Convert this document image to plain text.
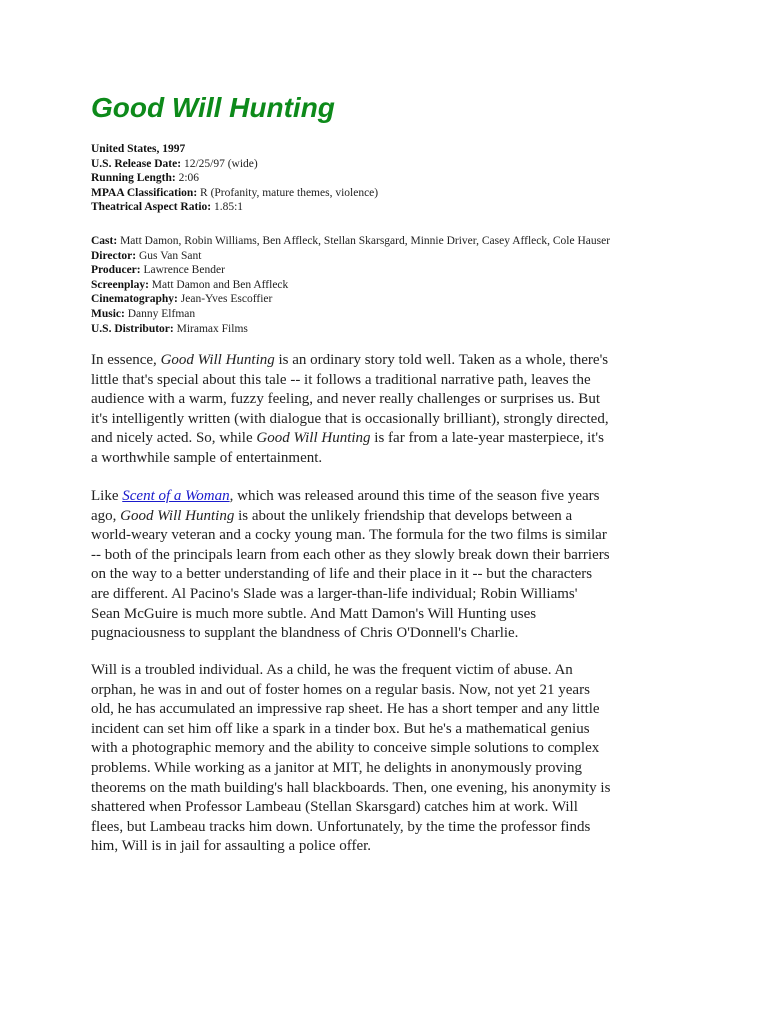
Good Will Hunting
United States, 1997
U.S. Release Date: 12/25/97 (wide)
Running Length: 2:06
MPAA Classification: R (Profanity, mature themes, violence)
Theatrical Aspect Ratio: 1.85:1
Cast: Matt Damon, Robin Williams, Ben Affleck, Stellan Skarsgard, Minnie Driver, Casey Affleck, Cole Hauser
Director: Gus Van Sant
Producer: Lawrence Bender
Screenplay: Matt Damon and Ben Affleck
Cinematography: Jean-Yves Escoffier
Music: Danny Elfman
U.S. Distributor: Miramax Films
In essence, Good Will Hunting is an ordinary story told well. Taken as a whole, there's
little that's special about this tale -- it follows a traditional narrative path, leaves the
audience with a warm, fuzzy feeling, and never really challenges or surprises us. But
it's intelligently written (with dialogue that is occasionally brilliant), strongly directed,
and nicely acted. So, while Good Will Hunting is far from a late-year masterpiece, it's
a worthwhile sample of entertainment.
Like Scent of a Woman, which was released around this time of the season five years
ago, Good Will Hunting is about the unlikely friendship that develops between a
world-weary veteran and a cocky young man. The formula for the two films is similar
-- both of the principals learn from each other as they slowly break down their barriers
on the way to a better understanding of life and their place in it -- but the characters
are different. Al Pacino's Slade was a larger-than-life individual; Robin Williams'
Sean McGuire is much more subtle. And Matt Damon's Will Hunting uses
pugnaciousness to supplant the blandness of Chris O'Donnell's Charlie.
Will is a troubled individual. As a child, he was the frequent victim of abuse. An
orphan, he was in and out of foster homes on a regular basis. Now, not yet 21 years
old, he has accumulated an impressive rap sheet. He has a short temper and any little
incident can set him off like a spark in a tinder box. But he's a mathematical genius
with a photographic memory and the ability to conceive simple solutions to complex
problems. While working as a janitor at MIT, he delights in anonymously proving
theorems on the math building's hall blackboards. Then, one evening, his anonymity is
shattered when Professor Lambeau (Stellan Skarsgard) catches him at work. Will
flees, but Lambeau tracks him down. Unfortunately, by the time the professor finds
him, Will is in jail for assaulting a police offer.
